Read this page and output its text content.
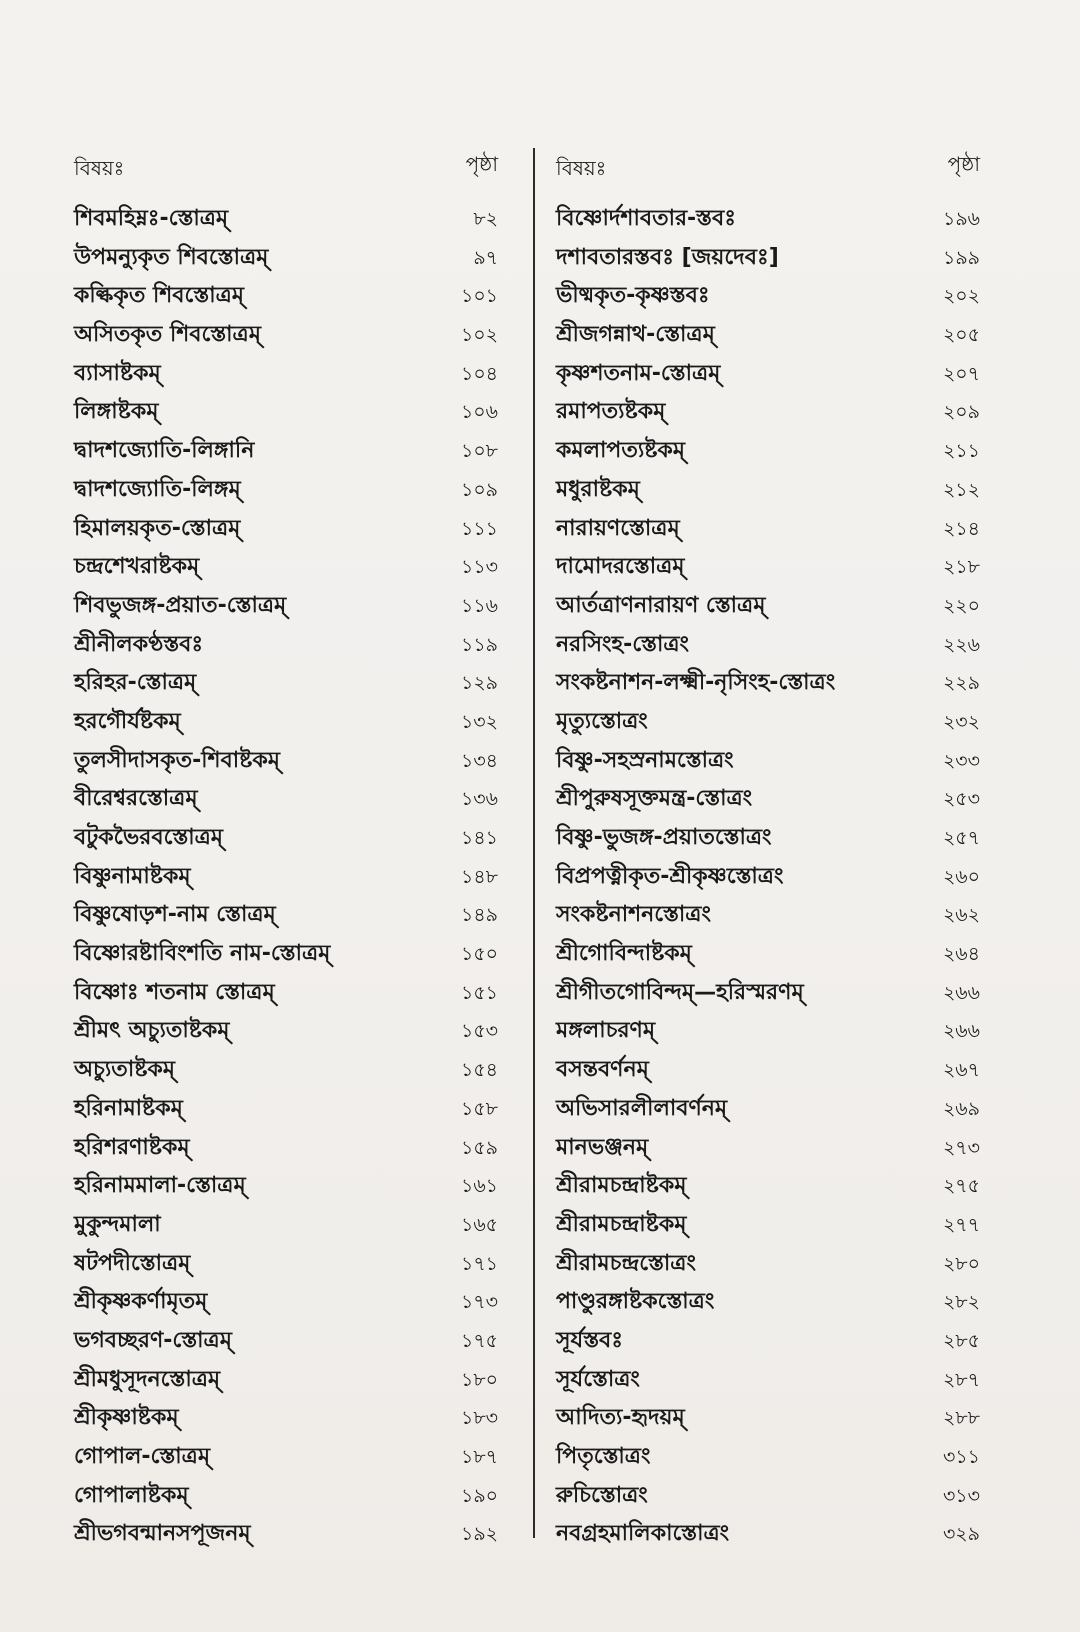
বিষয়ঃ	পৃষ্ঠা
শিবমহিম্নঃ-স্তোত্রম্	৮২
উপমন্যুকৃত শিবস্তোত্রম্	৯৭
কল্কিকৃত শিবস্তোত্রম্	১০১
অসিতকৃত শিবস্তোত্রম্	১০২
ব্যাসাষ্টকম্	১০৪
লিঙ্গাষ্টকম্	১০৬
দ্বাদশজ্যোতি-লিঙ্গানি	১০৮
দ্বাদশজ্যোতি-লিঙ্গম্	১০৯
হিমালয়কৃত-স্তোত্রম্	১১১
চন্দ্রশেখরাষ্টকম্	১১৩
শিবভুজঙ্গ-প্রয়াত-স্তোত্রম্	১১৬
শ্রীনীলকণ্ঠস্তবঃ	১১৯
হরিহর-স্তোত্রম্	১২৯
হরগৌর্যষ্টকম্	১৩২
তুলসীদাসকৃত-শিবাষ্টকম্	১৩৪
বীরেশ্বরস্তোত্রম্	১৩৬
বটুকভৈরবস্তোত্রম্	১৪১
বিষ্ণুনামাষ্টকম্	১৪৮
বিষ্ণুষোড়শ-নাম স্তোত্রম্	১৪৯
বিষ্ণোরষ্টাবিংশতি নাম-স্তোত্রম্	১৫০
বিষ্ণোঃ শতনাম স্তোত্রম্	১৫১
শ্রীমৎ অচ্যুতাষ্টকম্	১৫৩
অচ্যুতাষ্টকম্	১৫৪
হরিনামাষ্টকম্	১৫৮
হরিশরণাষ্টকম্	১৫৯
হরিনামমালা-স্তোত্রম্	১৬১
মুকুন্দমালা	১৬৫
ষটপদীস্তোত্রম্	১৭১
শ্রীকৃষ্ণকর্ণামৃতম্	১৭৩
ভগবচ্ছরণ-স্তোত্রম্	১৭৫
শ্রীমধুসূদনস্তোত্রম্	১৮০
শ্রীকৃষ্ণাষ্টকম্	১৮৩
গোপাল-স্তোত্রম্	১৮৭
গোপালাষ্টকম্	১৯০
শ্রীভগবন্মানসপূজনম্	১৯২
বিষয়ঃ	পৃষ্ঠা
বিষ্ণোর্দশাবতার-স্তবঃ	১৯৬
দশাবতারস্তবঃ [জয়দেবঃ]	১৯৯
ভীষ্মকৃত-কৃষ্ণস্তবঃ	২০২
শ্রীজগন্নাথ-স্তোত্রম্	২০৫
কৃষ্ণশতনাম-স্তোত্রম্	২০৭
রমাপত্যষ্টকম্	২০৯
কমলাপত্যষ্টকম্	২১১
মধুরাষ্টকম্	২১২
নারায়ণস্তোত্রম্	২১৪
দামোদরস্তোত্রম্	২১৮
আর্তত্রাণনারায়ণ স্তোত্রম্	২২০
নরসিংহ-স্তোত্রং	২২৬
সংকষ্টনাশন-লক্ষ্মী-নৃসিংহ-স্তোত্রং	২২৯
মৃত্যুস্তোত্রং	২৩২
বিষ্ণু-সহস্রনামস্তোত্রং	২৩৩
শ্রীপুরুষসূক্তমন্ত্র-স্তোত্রং	২৫৩
বিষ্ণু-ভুজঙ্গ-প্রয়াতস্তোত্রং	২৫৭
বিপ্রপত্নীকৃত-শ্রীকৃষ্ণস্তোত্রং	২৬০
সংকষ্টনাশনস্তোত্রং	২৬২
শ্রীগোবিন্দাষ্টকম্	২৬৪
শ্রীগীতগোবিন্দম্—হরিস্মরণম্	২৬৬
মঙ্গলাচরণম্	২৬৬
বসন্তবর্ণনম্	২৬৭
অভিসারলীলাবর্ণনম্	২৬৯
মানভঞ্জনম্	২৭৩
শ্রীরামচন্দ্রাষ্টকম্	২৭৫
শ্রীরামচন্দ্রাষ্টকম্	২৭৭
শ্রীরামচন্দ্রস্তোত্রং	২৮০
পাণ্ডুরঙ্গাষ্টকস্তোত্রং	২৮২
সূর্যস্তবঃ	২৮৫
সূর্যস্তোত্রং	২৮৭
আদিত্য-হৃদয়ম্	২৮৮
পিতৃস্তোত্রং	৩১১
রুচিস্তোত্রং	৩১৩
নবগ্রহমালিকাস্তোত্রং	৩২৯
